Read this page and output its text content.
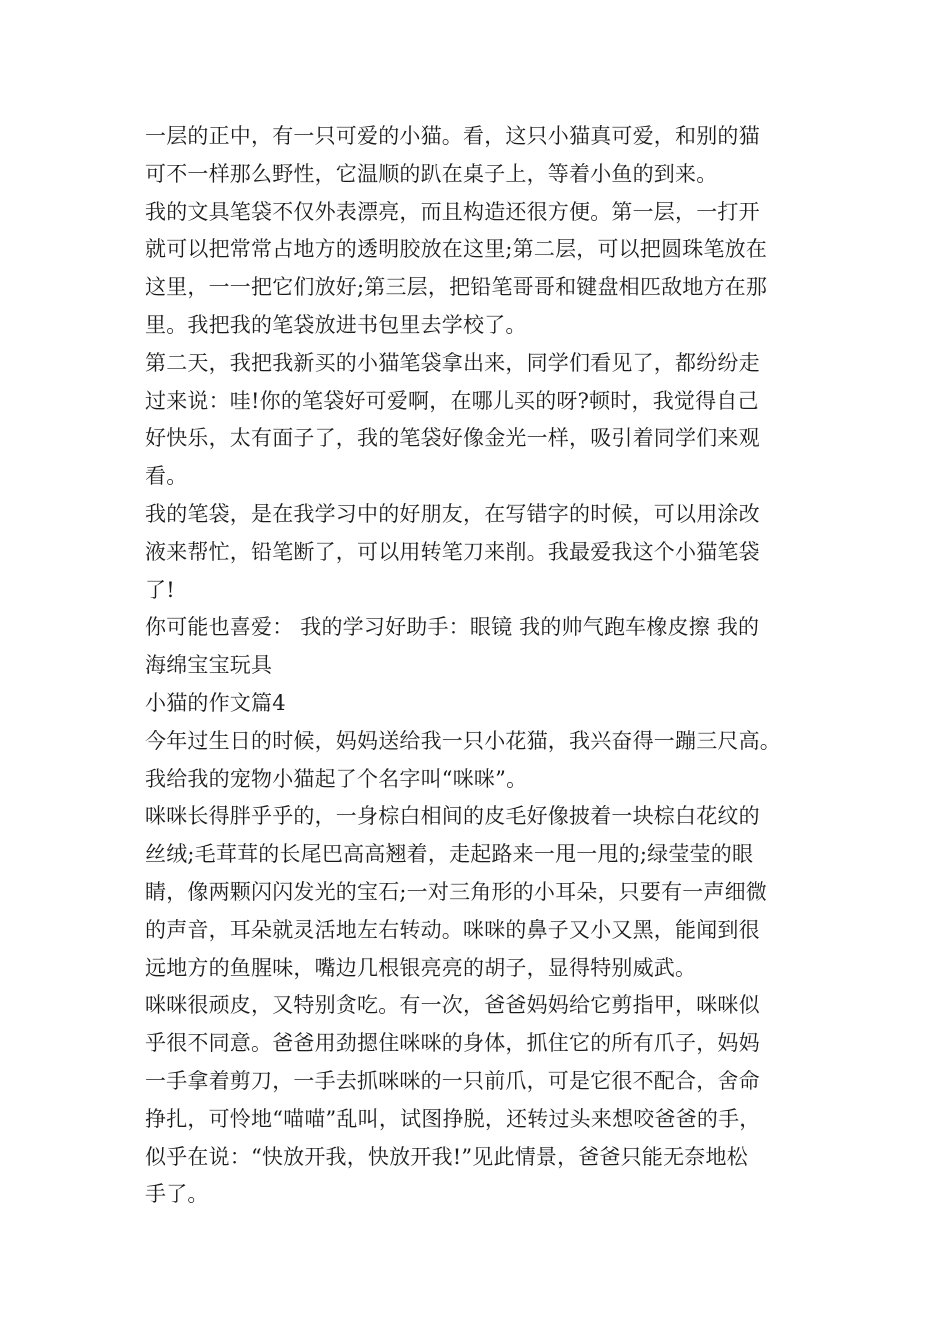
一层的正中，有一只可爱的小猫。看，这只小猫真可爱，和别的猫
可不一样那么野性，它温顺的趴在桌子上，等着小鱼的到来。
我的文具笔袋不仅外表漂亮，而且构造还很方便。第一层，一打开
就可以把常常占地方的透明胶放在这里;第二层，可以把圆珠笔放在
这里，一一把它们放好;第三层，把铅笔哥哥和键盘相匹敌地方在那
里。我把我的笔袋放进书包里去学校了。
第二天，我把我新买的小猫笔袋拿出来，同学们看见了，都纷纷走
过来说：哇!你的笔袋好可爱啊，在哪儿买的呀?顿时，我觉得自己
好快乐，太有面子了，我的笔袋好像金光一样，吸引着同学们来观
看。
我的笔袋，是在我学习中的好朋友，在写错字的时候，可以用涂改
液来帮忙，铅笔断了，可以用转笔刀来削。我最爱我这个小猫笔袋
了!
你可能也喜爱： 我的学习好助手：眼镜 我的帅气跑车橡皮擦 我的
海绵宝宝玩具
小猫的作文篇4
今年过生日的时候，妈妈送给我一只小花猫，我兴奋得一蹦三尺高。
我给我的宠物小猫起了个名字叫“咪咪”。
咪咪长得胖乎乎的，一身棕白相间的皮毛好像披着一块棕白花纹的
丝绒;毛茸茸的长尾巴高高翘着，走起路来一甩一甩的;绿莹莹的眼
睛，像两颗闪闪发光的宝石;一对三角形的小耳朵，只要有一声细微
的声音，耳朵就灵活地左右转动。咪咪的鼻子又小又黑，能闻到很
远地方的鱼腥味，嘴边几根银亮亮的胡子，显得特别威武。
咪咪很顽皮，又特别贪吃。有一次，爸爸妈妈给它剪指甲，咪咪似
乎很不同意。爸爸用劲摁住咪咪的身体，抓住它的所有爪子，妈妈
一手拿着剪刀，一手去抓咪咪的一只前爪，可是它很不配合，舍命
挣扎，可怜地“喵喵”乱叫，试图挣脱，还转过头来想咬爸爸的手，
似乎在说：“快放开我，快放开我!”见此情景，爸爸只能无奈地松
手了。
